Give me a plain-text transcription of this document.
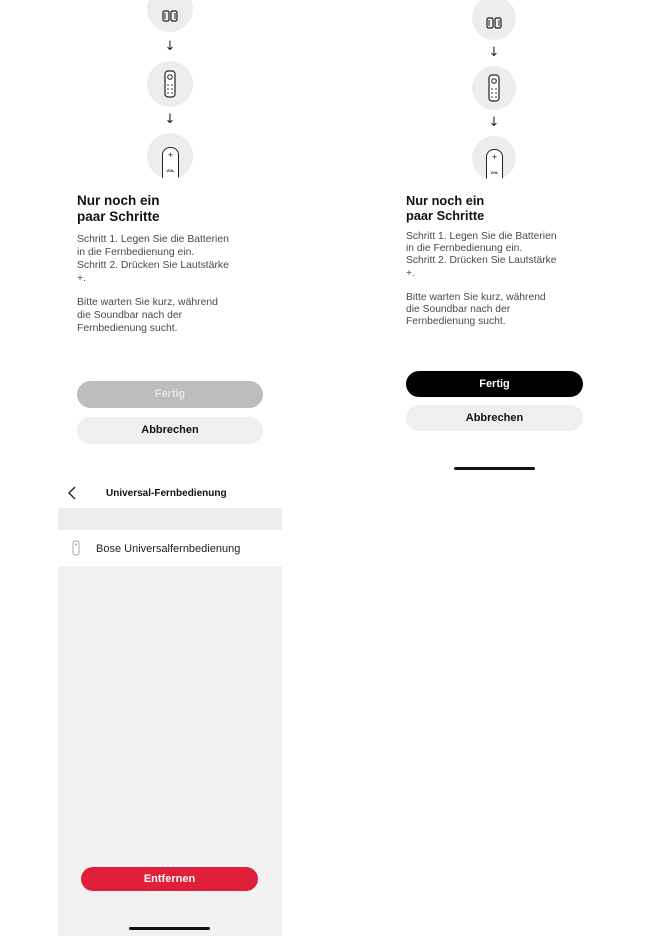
↓
↓
+
VOL

Nur noch ein
paar Schritte

Schritt 1. Legen Sie die Batterien
in die Fernbedienung ein.
Schritt 2. Drücken Sie Lautstärke
+.

Bitte warten Sie kurz, während
die Soundbar nach der
Fernbedienung sucht.

Fertig
Abbrechen
↓
↓
+
VOL

Nur noch ein
paar Schritte

Schritt 1. Legen Sie die Batterien
in die Fernbedienung ein.
Schritt 2. Drücken Sie Lautstärke
+.

Bitte warten Sie kurz, während
die Soundbar nach der
Fernbedienung sucht.

Fertig
Abbrechen
Universal-Fernbedienung
Bose Universalfernbedienung
Entfernen
